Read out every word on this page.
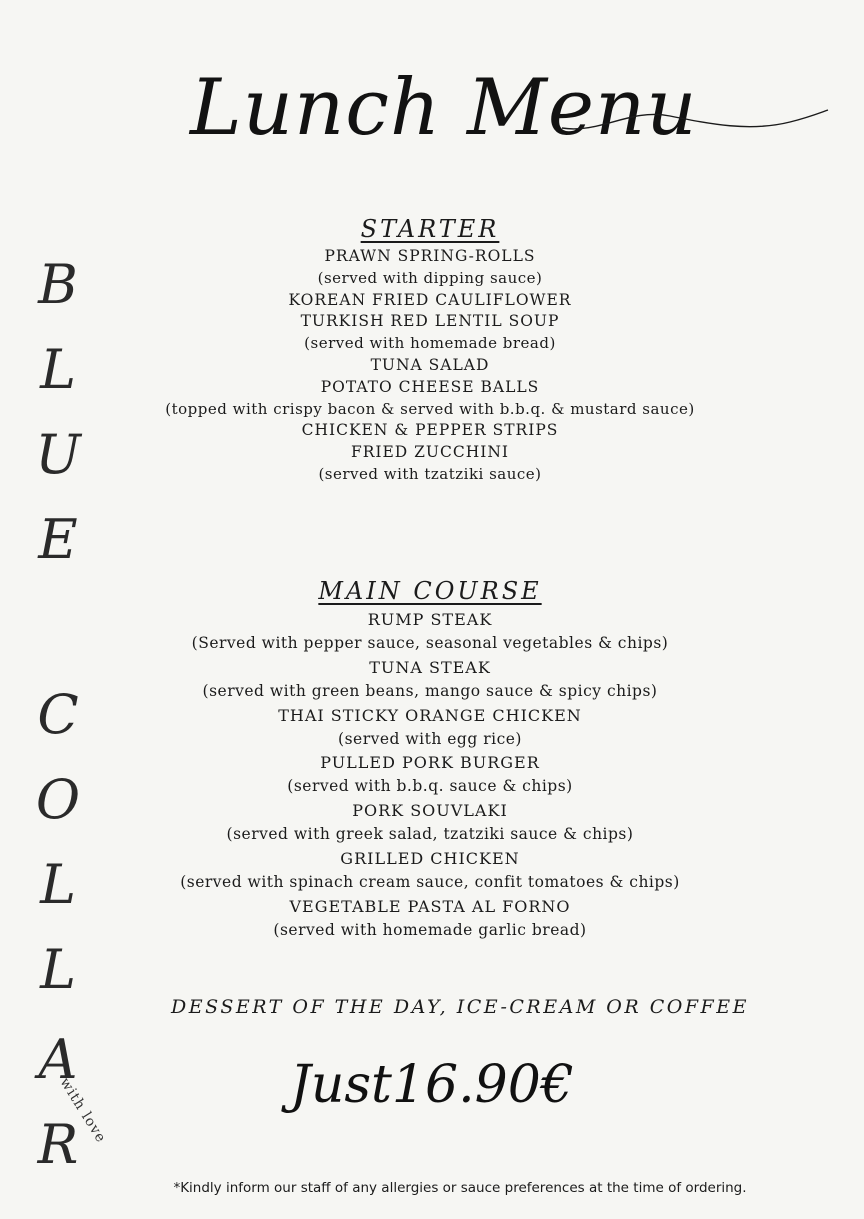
Lunch Menu
B
L
U
E
C
O
L
L
A
R
with love
STARTER
PRAWN SPRING-ROLLS
(served with dipping sauce)
KOREAN FRIED CAULIFLOWER
TURKISH RED LENTIL SOUP
(served with homemade bread)
TUNA SALAD
POTATO CHEESE BALLS
(topped with crispy bacon & served with b.b.q. & mustard sauce)
CHICKEN & PEPPER STRIPS
FRIED ZUCCHINI
(served with tzatziki sauce)
MAIN COURSE
RUMP STEAK
(Served with pepper sauce, seasonal vegetables & chips)
TUNA STEAK
(served with green beans, mango sauce & spicy chips)
THAI STICKY ORANGE CHICKEN
(served with egg rice)
PULLED PORK BURGER
(served with b.b.q. sauce & chips)
PORK SOUVLAKI
(served with greek salad, tzatziki sauce & chips)
GRILLED CHICKEN
(served with spinach cream sauce, confit tomatoes & chips)
VEGETABLE PASTA AL FORNO
(served with homemade garlic bread)
DESSERT OF THE DAY, ICE-CREAM OR COFFEE
Just16.90€
*Kindly inform our staff of any allergies or sauce preferences at the time of ordering.
